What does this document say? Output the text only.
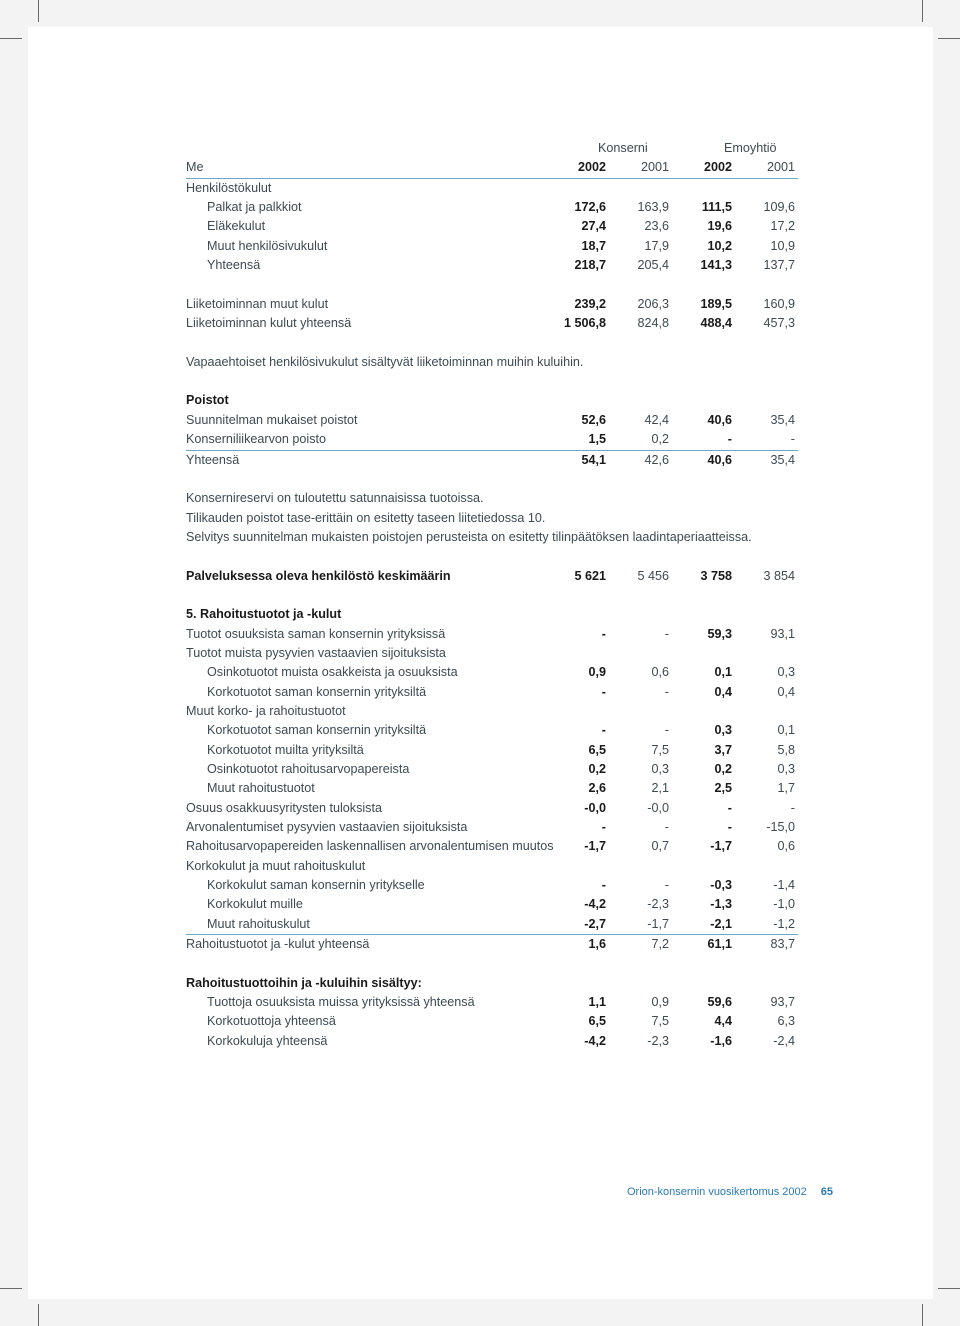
Konserni	Emoyhtiö
Me	2002	2001	2002	2001
Henkilöstökulut
Palkat ja palkkiot	172,6	163,9	111,5	109,6
Eläkekulut	27,4	23,6	19,6	17,2
Muut henkilösivukulut	18,7	17,9	10,2	10,9
Yhteensä	218,7	205,4	141,3	137,7
Liiketoiminnan muut kulut	239,2	206,3	189,5	160,9
Liiketoiminnan kulut yhteensä	1 506,8	824,8	488,4	457,3
Vapaaehtoiset henkilösivukulut sisältyvät liiketoiminnan muihin kuluihin.
Poistot
Suunnitelman mukaiset poistot	52,6	42,4	40,6	35,4
Konserniliikearvon poisto	1,5	0,2	-	-
Yhteensä	54,1	42,6	40,6	35,4
Konsernireservi on tuloutettu satunnaisissa tuotoissa.
Tilikauden poistot tase-erittäin on esitetty taseen liitetiedossa 10.
Selvitys suunnitelman mukaisten poistojen perusteista on esitetty tilinpäätöksen laadintaperiaatteissa.
Palveluksessa oleva henkilöstö keskimäärin	5 621	5 456	3 758	3 854
5. Rahoitustuotot ja -kulut
Tuotot osuuksista saman konsernin yrityksissä	-	-	59,3	93,1
Tuotot muista pysyvien vastaavien sijoituksista
Osinkotuotot muista osakkeista ja osuuksista	0,9	0,6	0,1	0,3
Korkotuotot saman konsernin yrityksiltä	-	-	0,4	0,4
Muut korko- ja rahoitustuotot
Korkotuotot saman konsernin yrityksiltä	-	-	0,3	0,1
Korkotuotot muilta yrityksiltä	6,5	7,5	3,7	5,8
Osinkotuotot rahoitusarvopapereista	0,2	0,3	0,2	0,3
Muut rahoitustuotot	2,6	2,1	2,5	1,7
Osuus osakkuusyritysten tuloksista	-0,0	-0,0	-	-
Arvonalentumiset pysyvien vastaavien sijoituksista	-	-	-	-15,0
Rahoitusarvopapereiden laskennallisen arvonalentumisen muutos	-1,7	0,7	-1,7	0,6
Korkokulut ja muut rahoituskulut
Korkokulut saman konsernin yritykselle	-	-	-0,3	-1,4
Korkokulut muille	-4,2	-2,3	-1,3	-1,0
Muut rahoituskulut	-2,7	-1,7	-2,1	-1,2
Rahoitustuotot ja -kulut yhteensä	1,6	7,2	61,1	83,7
Rahoitustuottoihin ja -kuluihin sisältyy:
Tuottoja osuuksista muissa yrityksissä yhteensä	1,1	0,9	59,6	93,7
Korkotuottoja yhteensä	6,5	7,5	4,4	6,3
Korkokuluja yhteensä	-4,2	-2,3	-1,6	-2,4
Orion-konsernin vuosikertomus 2002 65
